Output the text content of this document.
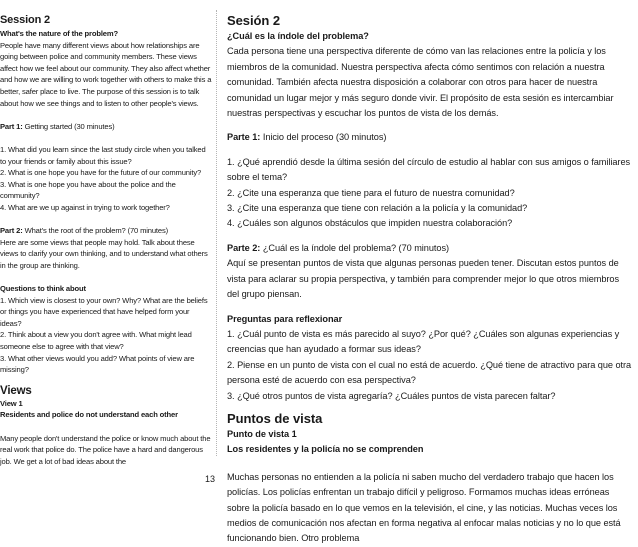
Session 2

What's the nature of the problem?

People have many different views about how relationships are going between police and community members. These views affect how we feel about our community. They also affect whether and how we are willing to work together with others to make this a better, safer place to live. The purpose of this session is to talk about how we see things and to listen to other people's views.

Part 1: Getting started (30 minutes)

1. What did you learn since the last study circle when you talked to your friends or family about this issue?

2. What is one hope you have for the future of our community?

3. What is one hope you have about the police and the community?

4. What are we up against in trying to work together?

Part 2: What's the root of the problem? (70 minutes)

Here are some views that people may hold. Talk about these views to clarify your own thinking, and to understand what others in the group are thinking.

Questions to think about

1. Which view is closest to your own? Why? What are the beliefs or things you have experienced that have helped form your ideas?

2. Think about a view you don't agree with. What might lead someone else to agree with that view?

3. What other views would you add? What points of view are missing?

Views

View 1

Residents and police do not understand each other

Many people don't understand the police or know much about the real work that police do. The police have a hard and dangerous job. We get a lot of bad ideas about the

Sesión 2

¿Cuál es la índole del problema?

Cada persona tiene una perspectiva diferente de cómo van las relaciones entre la policía y los miembros de la comunidad. Nuestra perspectiva afecta cómo sentimos con relación a nuestra comunidad. También afecta nuestra disposición a colaborar con otros para hacer de nuestra comunidad un lugar mejor y más seguro donde vivir. El propósito de esta sesión es intercambiar nuestras perspectivas y escuchar los puntos de vista de los demás.

Parte 1: Inicio del proceso (30 minutos)

1. ¿Qué aprendió desde la última sesión del círculo de estudio al hablar con sus amigos o familiares sobre el tema?

2. ¿Cite una esperanza que tiene para el futuro de nuestra comunidad?

3. ¿Cite una esperanza que tiene con relación a la policía y la comunidad?

4. ¿Cuáles son algunos obstáculos que impiden nuestra colaboración?

Parte 2: ¿Cuál es la índole del problema? (70 minutos)

Aquí se presentan puntos de vista que algunas personas pueden tener. Discutan estos puntos de vista para aclarar su propia perspectiva, y también para comprender mejor lo que otros miembros del grupo piensan.

Preguntas para reflexionar

1. ¿Cuál punto de vista es más parecido al suyo? ¿Por qué? ¿Cuáles son algunas experiencias y creencias que han ayudado a formar sus ideas?

2. Piense en un punto de vista con el cual no está de acuerdo. ¿Qué tiene de atractivo para que otra persona esté de acuerdo con esa perspectiva?

3. ¿Qué otros puntos de vista agregaría? ¿Cuáles puntos de vista parecen faltar?

Puntos de vista

Punto de vista 1

Los residentes y la policía no se comprenden

Muchas personas no entienden a la policía ni saben mucho del verdadero trabajo que hacen los policías. Los policías enfrentan un trabajo difícil y peligroso. Formamos muchas ideas erróneas sobre la policía basado en lo que vemos en la televisión, el cine, y las noticias. Muchas veces los medios de comunicación nos afectan en forma negativa al enfocar malas noticias y no lo que está funcionando bien. Otro problema

13
